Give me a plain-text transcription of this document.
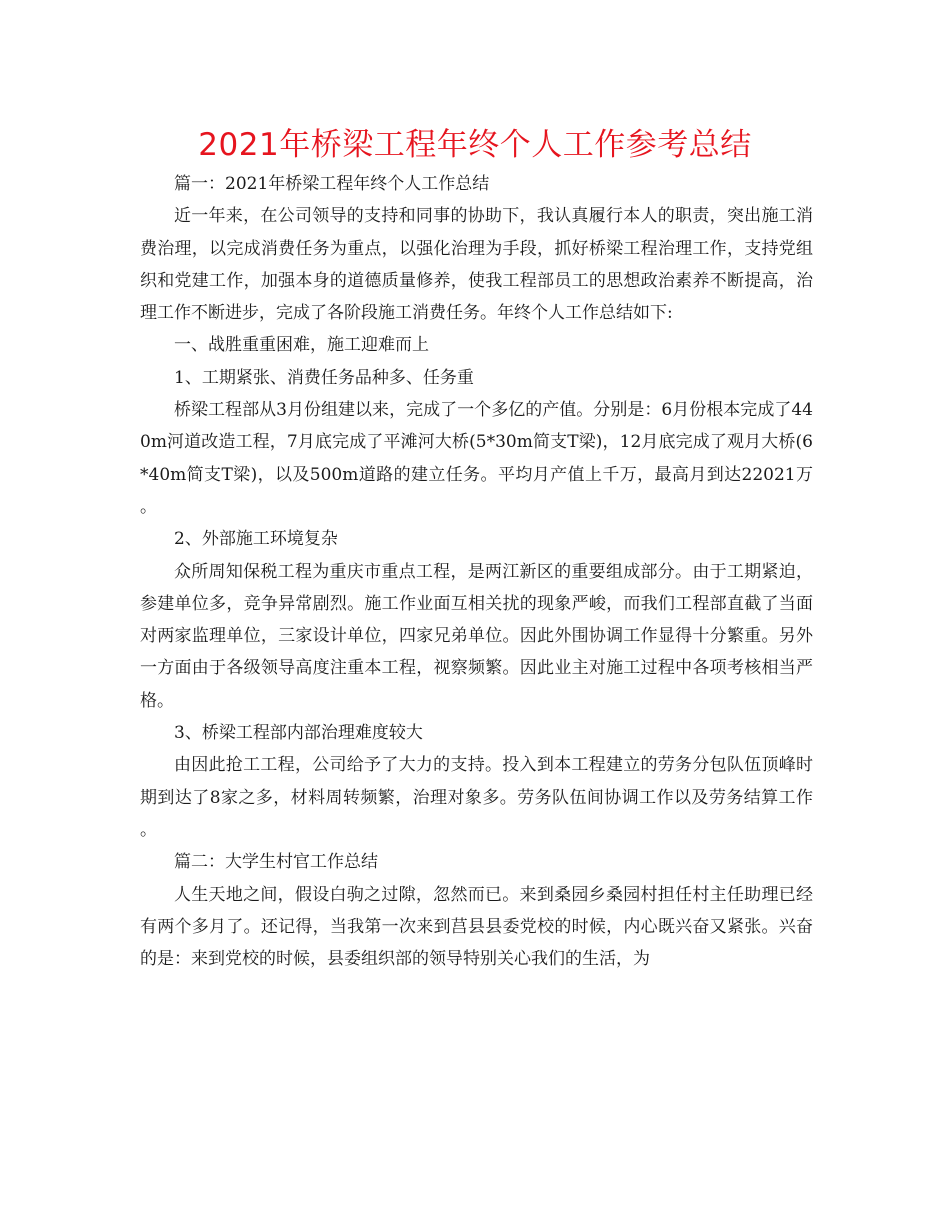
2021年桥梁工程年终个人工作参考总结

篇一：2021年桥梁工程年终个人工作总结

近一年来，在公司领导的支持和同事的协助下，我认真履行本人的职责，突出施工消费治理，以完成消费任务为重点，以强化治理为手段，抓好桥梁工程治理工作，支持党组织和党建工作，加强本身的道德质量修养，使我工程部员工的思想政治素养不断提高，治理工作不断进步，完成了各阶段施工消费任务。年终个人工作总结如下:

一、战胜重重困难，施工迎难而上

1、工期紧张、消费任务品种多、任务重

桥梁工程部从3月份组建以来，完成了一个多亿的产值。分别是：6月份根本完成了440m河道改造工程，7月底完成了平滩河大桥(5*30m简支T梁)，12月底完成了观月大桥(6*40m简支T梁)，以及500m道路的建立任务。平均月产值上千万，最高月到达22021万。

2、外部施工环境复杂

众所周知保税工程为重庆市重点工程，是两江新区的重要组成部分。由于工期紧迫，参建单位多，竞争异常剧烈。施工作业面互相关扰的现象严峻，而我们工程部直截了当面对两家监理单位，三家设计单位，四家兄弟单位。因此外围协调工作显得十分繁重。另外一方面由于各级领导高度注重本工程，视察频繁。因此业主对施工过程中各项考核相当严格。

3、桥梁工程部内部治理难度较大

由因此抢工工程，公司给予了大力的支持。投入到本工程建立的劳务分包队伍顶峰时期到达了8家之多，材料周转频繁，治理对象多。劳务队伍间协调工作以及劳务结算工作。

篇二：大学生村官工作总结

人生天地之间，假设白驹之过隙，忽然而已。来到桑园乡桑园村担任村主任助理已经有两个多月了。还记得，当我第一次来到莒县县委党校的时候，内心既兴奋又紧张。兴奋的是：来到党校的时候，县委组织部的领导特别关心我们的生活，为
